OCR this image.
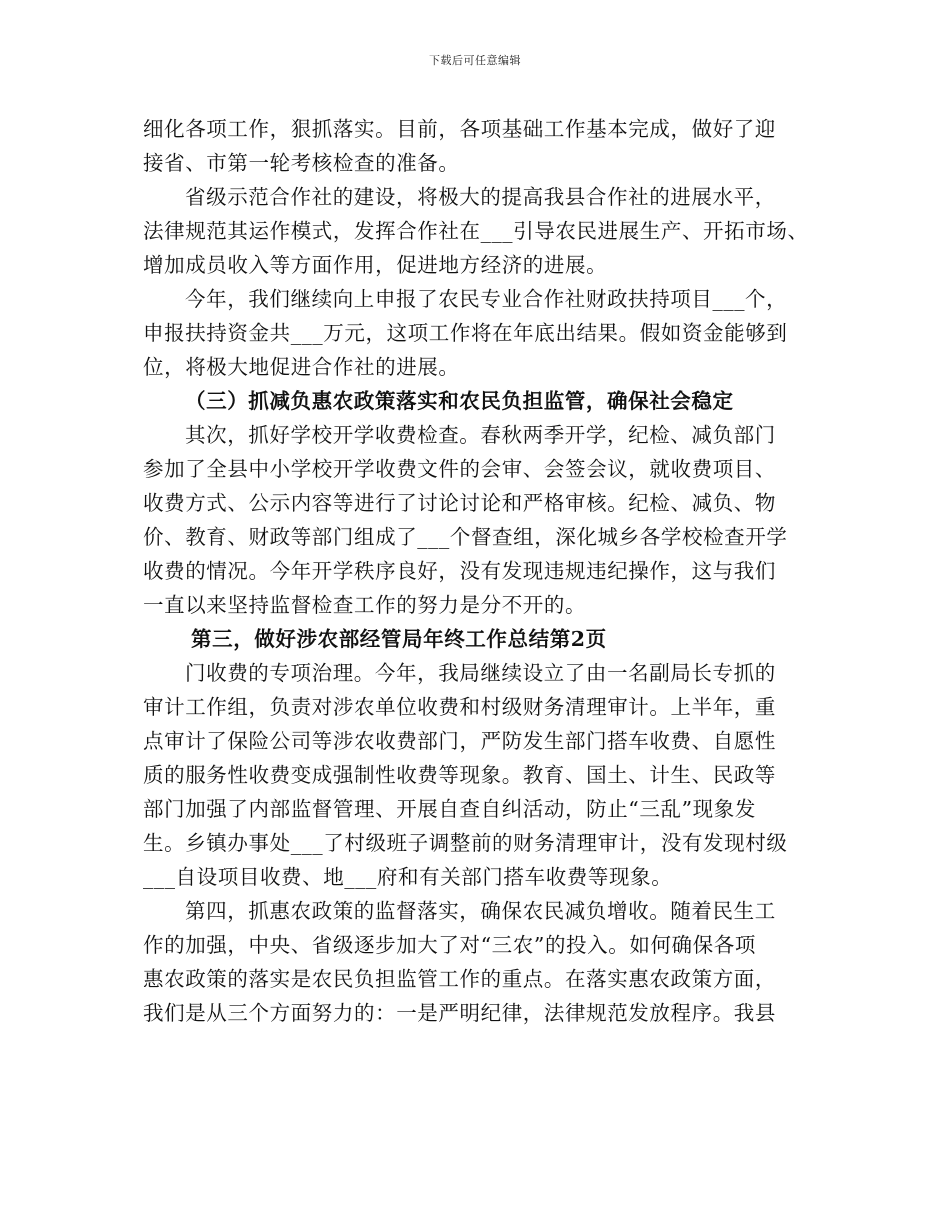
下载后可任意编辑
细化各项工作，狠抓落实。目前，各项基础工作基本完成，做好了迎
接省、市第一轮考核检查的准备。
省级示范合作社的建设，将极大的提高我县合作社的进展水平，
法律规范其运作模式，发挥合作社在___引导农民进展生产、开拓市场、
增加成员收入等方面作用，促进地方经济的进展。
今年，我们继续向上申报了农民专业合作社财政扶持项目___个，
申报扶持资金共___万元，这项工作将在年底出结果。假如资金能够到
位，将极大地促进合作社的进展。
（三）抓减负惠农政策落实和农民负担监管，确保社会稳定
其次，抓好学校开学收费检查。春秋两季开学，纪检、减负部门
参加了全县中小学校开学收费文件的会审、会签会议，就收费项目、
收费方式、公示内容等进行了讨论讨论和严格审核。纪检、减负、物
价、教育、财政等部门组成了___个督查组，深化城乡各学校检查开学
收费的情况。今年开学秩序良好，没有发现违规违纪操作，这与我们
一直以来坚持监督检查工作的努力是分不开的。
第三，做好涉农部经管局年终工作总结第2页
门收费的专项治理。今年，我局继续设立了由一名副局长专抓的
审计工作组，负责对涉农单位收费和村级财务清理审计。上半年，重
点审计了保险公司等涉农收费部门，严防发生部门搭车收费、自愿性
质的服务性收费变成强制性收费等现象。教育、国土、计生、民政等
部门加强了内部监督管理、开展自查自纠活动，防止“三乱”现象发
生。乡镇办事处___了村级班子调整前的财务清理审计，没有发现村级
___自设项目收费、地___府和有关部门搭车收费等现象。
第四，抓惠农政策的监督落实，确保农民减负增收。随着民生工
作的加强，中央、省级逐步加大了对“三农”的投入。如何确保各项
惠农政策的落实是农民负担监管工作的重点。在落实惠农政策方面，
我们是从三个方面努力的：一是严明纪律，法律规范发放程序。我县
